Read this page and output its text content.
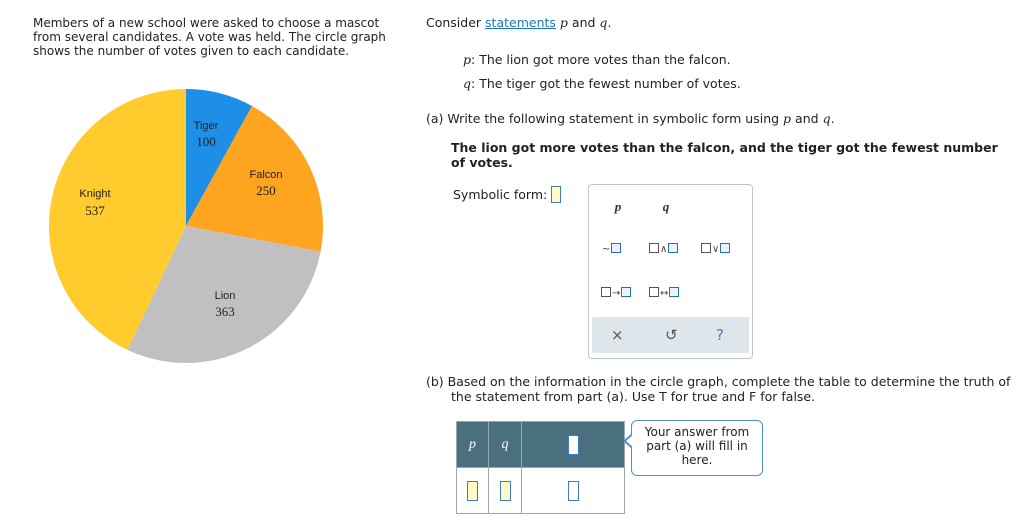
Members of a new school were asked to choose a mascot
from several candidates. A vote was held. The circle graph
shows the number of votes given to each candidate.
Tiger
100
Falcon
250
Lion
363
Knight
537
Consider statements p and q.
p: The lion got more votes than the falcon.
q: The tiger got the fewest number of votes.
(a) Write the following statement in symbolic form using p and q.
The lion got more votes than the falcon, and the tiger got the fewest number of votes.
Symbolic form:
p	q
~	∧	∨
→	↔
×	↺	?
(b) Based on the information in the circle graph, complete the table to determine the truth of
the statement from part (a). Use T for true and F for false.
p	q	

Your answer from part (a) will fill in here.
